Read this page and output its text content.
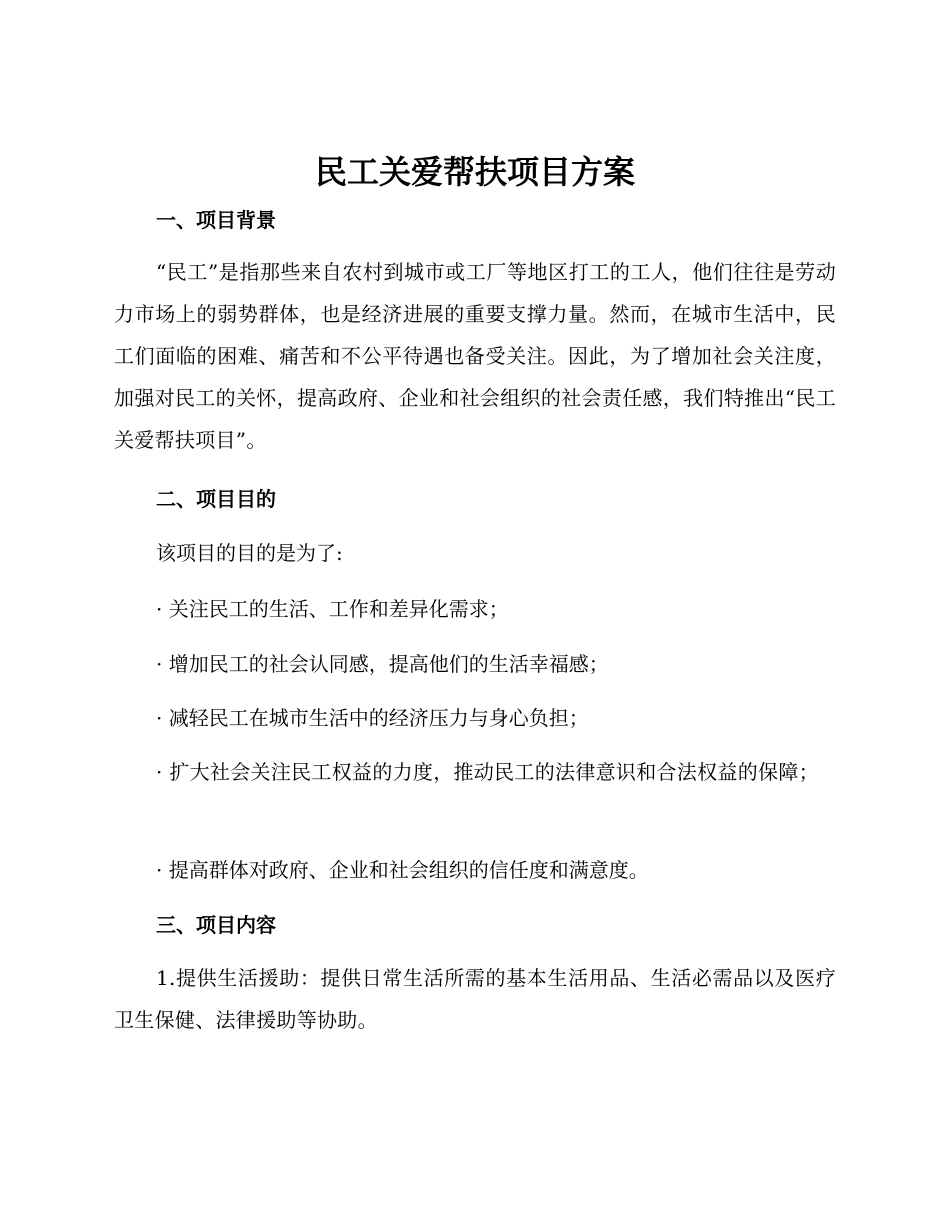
民工关爱帮扶项目方案
一、项目背景

“民工”是指那些来自农村到城市或工厂等地区打工的工人，他们往往是劳动力市场上的弱势群体，也是经济进展的重要支撑力量。然而，在城市生活中，民工们面临的困难、痛苦和不公平待遇也备受关注。因此，为了增加社会关注度，加强对民工的关怀，提高政府、企业和社会组织的社会责任感，我们特推出“民工关爱帮扶项目”。

二、项目目的
该项目的目的是为了:
· 关注民工的生活、工作和差异化需求；
· 增加民工的社会认同感，提高他们的生活幸福感；
· 减轻民工在城市生活中的经济压力与身心负担；

· 扩大社会关注民工权益的力度，推动民工的法律意识和合法权益的保障；

· 提高群体对政府、企业和社会组织的信任度和满意度。
三、项目内容

1.提供生活援助：提供日常生活所需的基本生活用品、生活必需品以及医疗卫生保健、法律援助等协助。
